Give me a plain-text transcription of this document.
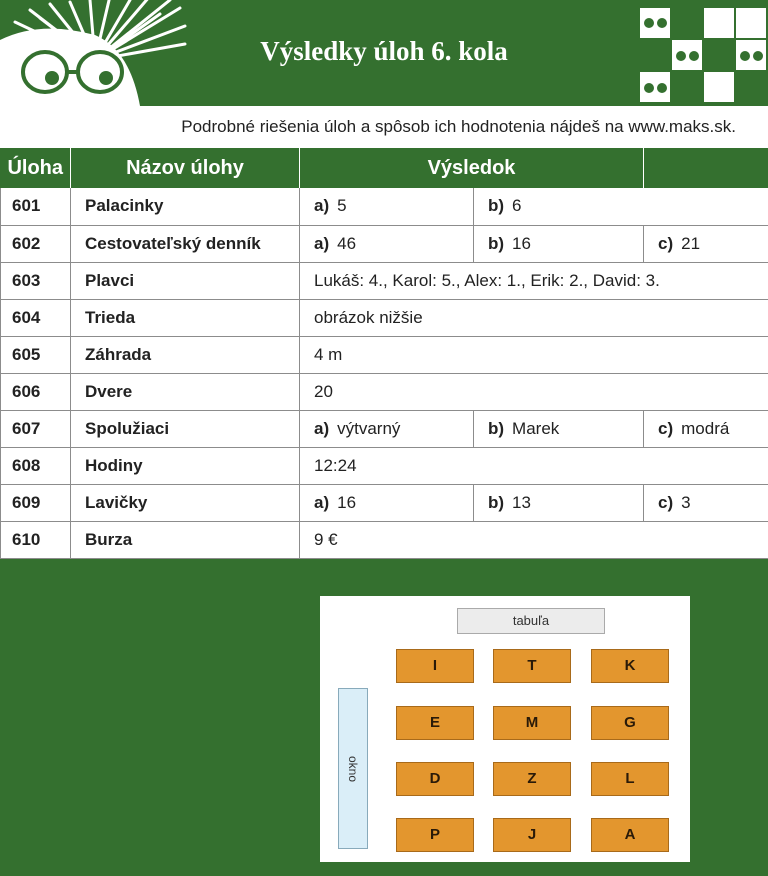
Výsledky úloh 6. kola
Podrobné riešenia úloh a spôsob ich hodnotenia nájdeš na www.maks.sk.
Úloha	Názov úlohy	Výsledok		
601	Palacinky	a) 5	b) 6	
602	Cestovateľský denník	a) 46	b) 16	c) 21
603	Plavci	Lukáš: 4., Karol: 5., Alex: 1., Erik: 2., David: 3.		
604	Trieda	obrázok nižšie		
605	Záhrada	4 m		
606	Dvere	20		
607	Spolužiaci	a) výtvarný	b) Marek	c) modrá
608	Hodiny	12:24		
609	Lavičky	a) 16	b) 13	c) 3
610	Burza	9 €		
tabuľa
okno
I	T	K
E	M	G
D	Z	L
P	J	A
